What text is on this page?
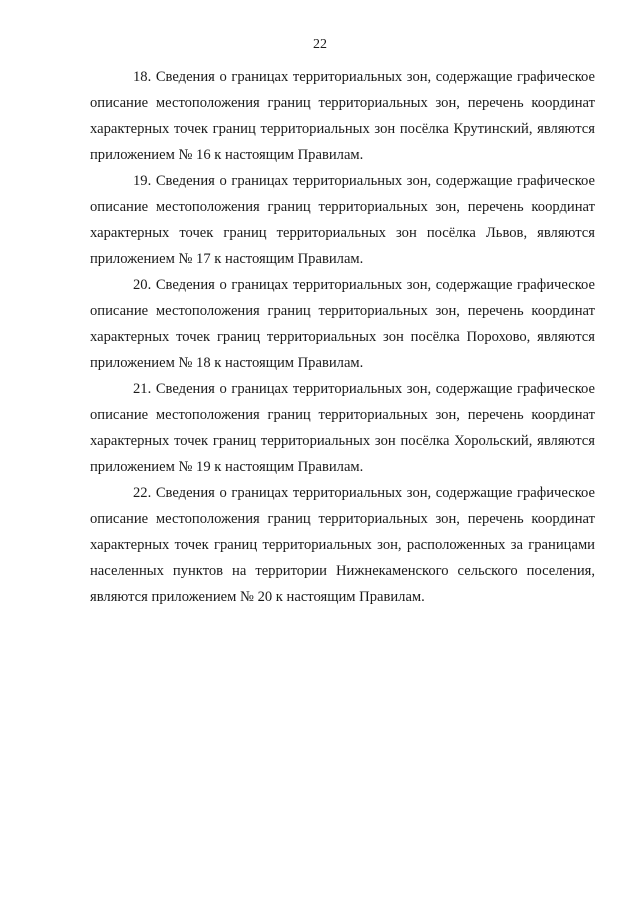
22

18. Сведения о границах территориальных зон, содержащие графическое описание местоположения границ территориальных зон, перечень координат характерных точек границ территориальных зон посёлка Крутинский, являются приложением № 16 к настоящим Правилам.

19. Сведения о границах территориальных зон, содержащие графическое описание местоположения границ территориальных зон, перечень координат характерных точек границ территориальных зон посёлка Львов, являются приложением № 17 к настоящим Правилам.

20. Сведения о границах территориальных зон, содержащие графическое описание местоположения границ территориальных зон, перечень координат характерных точек границ территориальных зон посёлка Порохово, являются приложением № 18 к настоящим Правилам.

21. Сведения о границах территориальных зон, содержащие графическое описание местоположения границ территориальных зон, перечень координат характерных точек границ территориальных зон посёлка Хорольский, являются приложением № 19 к настоящим Правилам.

22. Сведения о границах территориальных зон, содержащие графическое описание местоположения границ территориальных зон, перечень координат характерных точек границ территориальных зон, расположенных за границами населенных пунктов на территории Нижнекаменского сельского поселения, являются приложением № 20 к настоящим Правилам.
